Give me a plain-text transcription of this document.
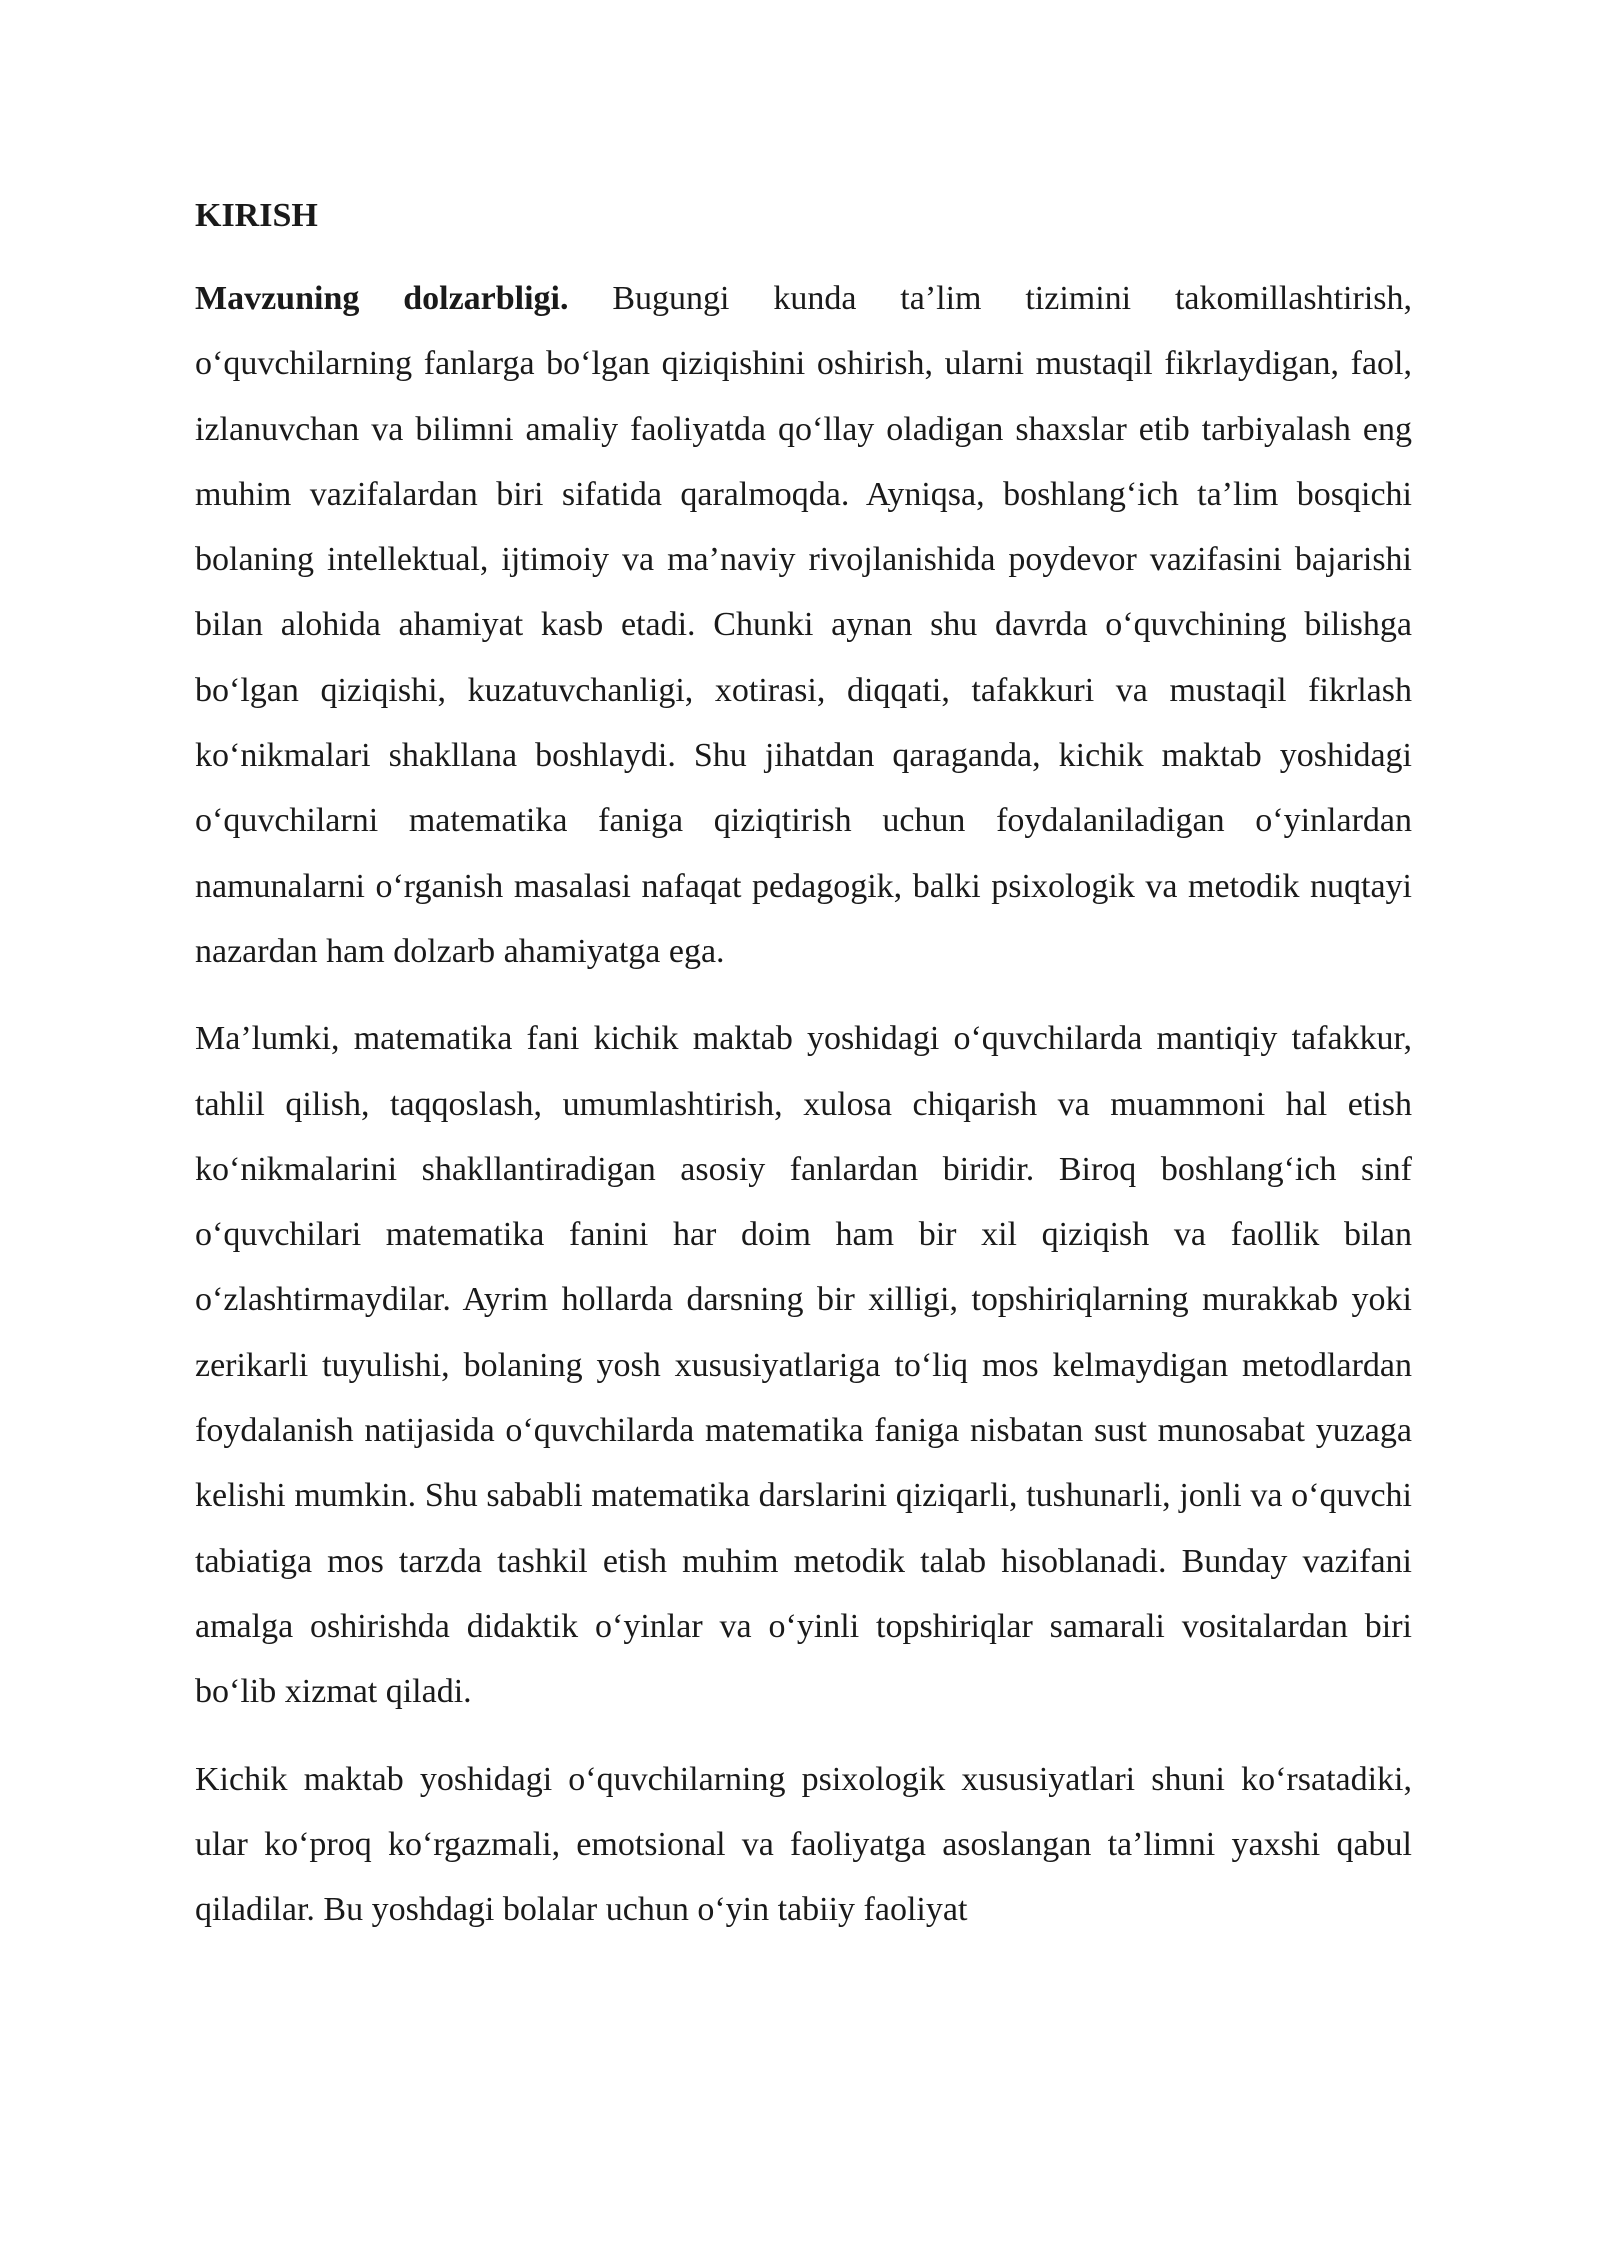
KIRISH

Mavzuning dolzarbligi. Bugungi kunda ta’lim tizimini takomillashtirish, o‘quvchilarning fanlarga bo‘lgan qiziqishini oshirish, ularni mustaqil fikrlaydigan, faol, izlanuvchan va bilimni amaliy faoliyatda qo‘llay oladigan shaxslar etib tarbiyalash eng muhim vazifalardan biri sifatida qaralmoqda. Ayniqsa, boshlang‘ich ta’lim bosqichi bolaning intellektual, ijtimoiy va ma’naviy rivojlanishida poydevor vazifasini bajarishi bilan alohida ahamiyat kasb etadi. Chunki aynan shu davrda o‘quvchining bilishga bo‘lgan qiziqishi, kuzatuvchanligi, xotirasi, diqqati, tafakkuri va mustaqil fikrlash ko‘nikmalari shakllana boshlaydi. Shu jihatdan qaraganda, kichik maktab yoshidagi o‘quvchilarni matematika faniga qiziqtirish uchun foydalaniladigan o‘yinlardan namunalarni o‘rganish masalasi nafaqat pedagogik, balki psixologik va metodik nuqtayi nazardan ham dolzarb ahamiyatga ega.

Ma’lumki, matematika fani kichik maktab yoshidagi o‘quvchilarda mantiqiy tafakkur, tahlil qilish, taqqoslash, umumlashtirish, xulosa chiqarish va muammoni hal etish ko‘nikmalarini shakllantiradigan asosiy fanlardan biridir. Biroq boshlang‘ich sinf o‘quvchilari matematika fanini har doim ham bir xil qiziqish va faollik bilan o‘zlashtirmaydilar. Ayrim hollarda darsning bir xilligi, topshiriqlarning murakkab yoki zerikarli tuyulishi, bolaning yosh xususiyatlariga to‘liq mos kelmaydigan metodlardan foydalanish natijasida o‘quvchilarda matematika faniga nisbatan sust munosabat yuzaga kelishi mumkin. Shu sababli matematika darslarini qiziqarli, tushunarli, jonli va o‘quvchi tabiatiga mos tarzda tashkil etish muhim metodik talab hisoblanadi. Bunday vazifani amalga oshirishda didaktik o‘yinlar va o‘yinli topshiriqlar samarali vositalardan biri bo‘lib xizmat qiladi.

Kichik maktab yoshidagi o‘quvchilarning psixologik xususiyatlari shuni ko‘rsatadiki, ular ko‘proq ko‘rgazmali, emotsional va faoliyatga asoslangan ta’limni yaxshi qabul qiladilar. Bu yoshdagi bolalar uchun o‘yin tabiiy faoliyat
